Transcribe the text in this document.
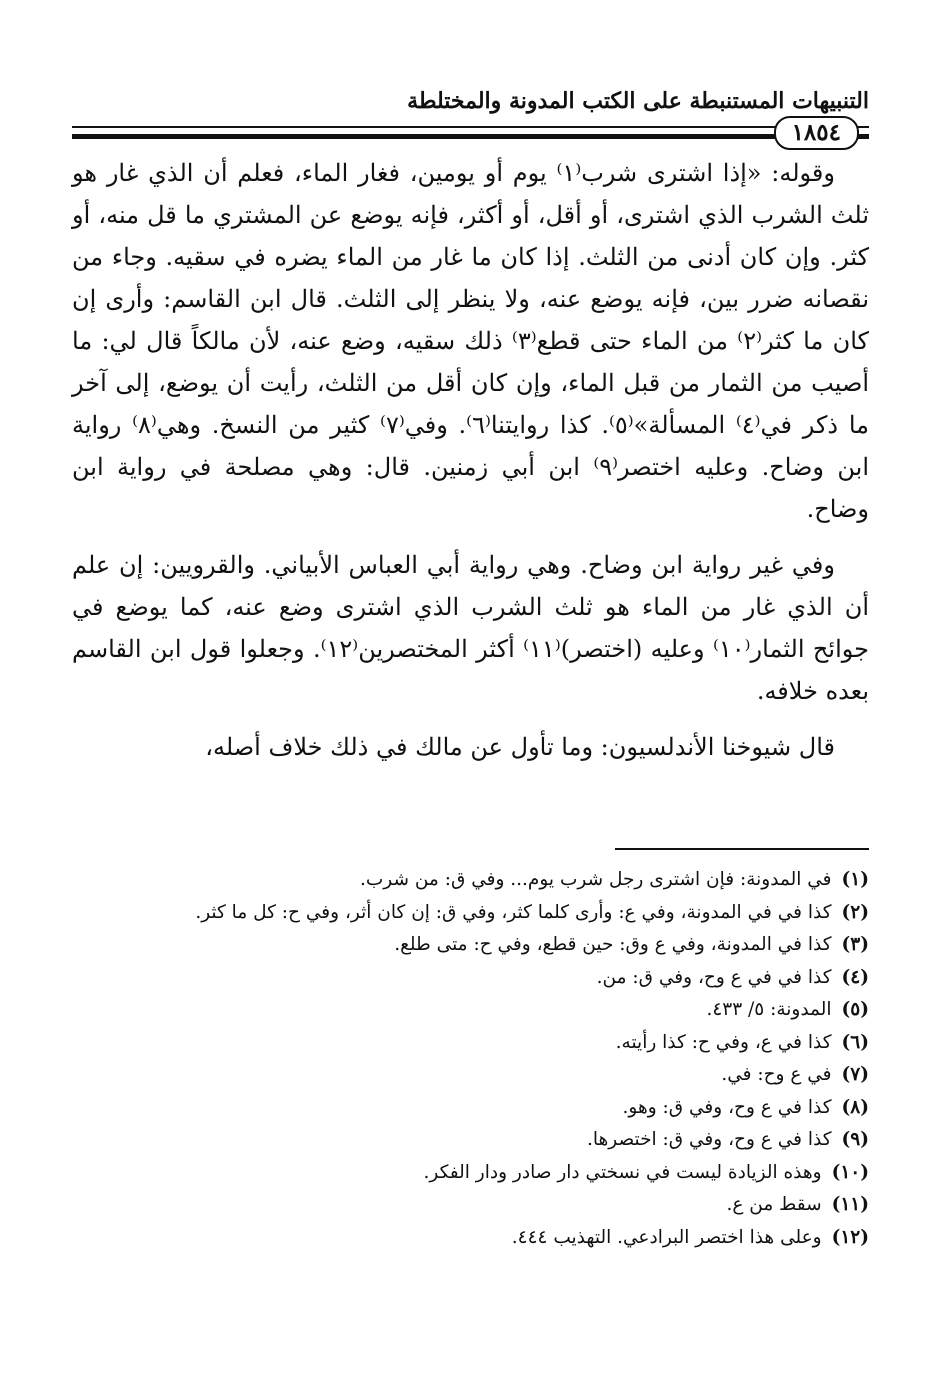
التنبيهات المستنبطة على الكتب المدونة والمختلطة
١٨٥٤

وقوله: «إذا اشترى شرب⁽١⁾ يوم أو يومين، فغار الماء، فعلم أن الذي غار هو ثلث الشرب الذي اشترى، أو أقل، أو أكثر، فإنه يوضع عن المشتري ما قل منه، أو كثر. وإن كان أدنى من الثلث. إذا كان ما غار من الماء يضره في سقيه. وجاء من نقصانه ضرر بين، فإنه يوضع عنه، ولا ينظر إلى الثلث. قال ابن القاسم: وأرى إن كان ما كثر⁽٢⁾ من الماء حتى قطع⁽٣⁾ ذلك سقيه، وضع عنه، لأن مالكاً قال لي: ما أصيب من الثمار من قبل الماء، وإن كان أقل من الثلث، رأيت أن يوضع، إلى آخر ما ذكر في⁽٤⁾ المسألة»⁽٥⁾. كذا روايتنا⁽٦⁾. وفي⁽٧⁾ كثير من النسخ. وهي⁽٨⁾ رواية ابن وضاح. وعليه اختصر⁽٩⁾ ابن أبي زمنين. قال: وهي مصلحة في رواية ابن وضاح.

وفي غير رواية ابن وضاح. وهي رواية أبي العباس الأبياني. والقرويين: إن علم أن الذي غار من الماء هو ثلث الشرب الذي اشترى وضع عنه، كما يوضع في جوائح الثمار⁽١٠⁾ وعليه (اختصر)⁽١١⁾ أكثر المختصرين⁽١٢⁾. وجعلوا قول ابن القاسم بعده خلافه.

قال شيوخنا الأندلسيون: وما تأول عن مالك في ذلك خلاف أصله،

(١)
في المدونة: فإن اشترى رجل شرب يوم... وفي ق: من شرب.
(٢)
كذا في في المدونة، وفي ع: وأرى كلما كثر، وفي ق: إن كان أثر، وفي ح: كل ما كثر.
(٣)
كذا في المدونة، وفي ع وق: حين قطع، وفي ح: متى طلع.
(٤)
كذا في في ع وح، وفي ق: من.
(٥)
المدونة: ٥/ ٤٣٣.
(٦)
كذا في ع، وفي ح: كذا رأيته.
(٧)
في ع وح: في.
(٨)
كذا في ع وح، وفي ق: وهو.
(٩)
كذا في ع وح، وفي ق: اختصرها.
(١٠)
وهذه الزيادة ليست في نسختي دار صادر ودار الفكر.
(١١)
سقط من ع.
(١٢)
وعلى هذا اختصر البرادعي. التهذيب ٤٤٤.
